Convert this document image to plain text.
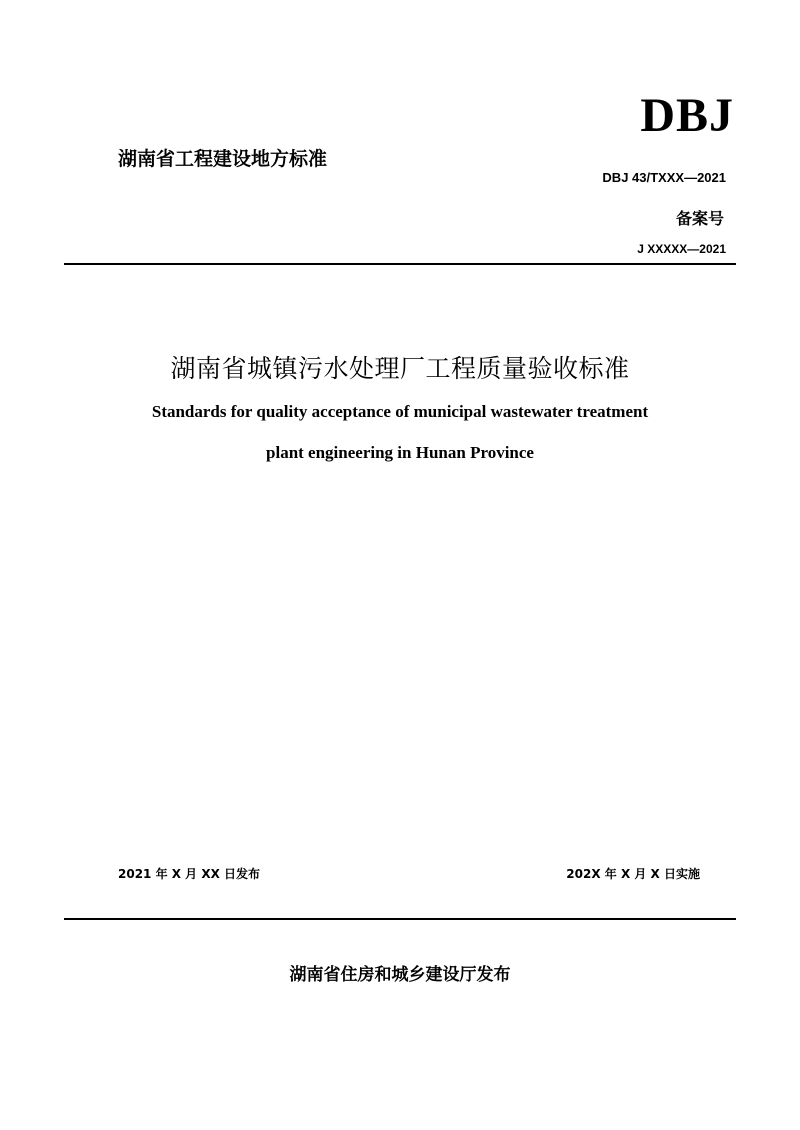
DBJ
湖南省工程建设地方标准
DBJ 43/TXXX—2021
备案号
J XXXXX—2021
湖南省城镇污水处理厂工程质量验收标准
Standards for quality acceptance of municipal wastewater treatment
plant engineering in Hunan Province
2021 年 X 月 XX 日发布	202X 年 X 月 X 日实施
湖南省住房和城乡建设厅发布
